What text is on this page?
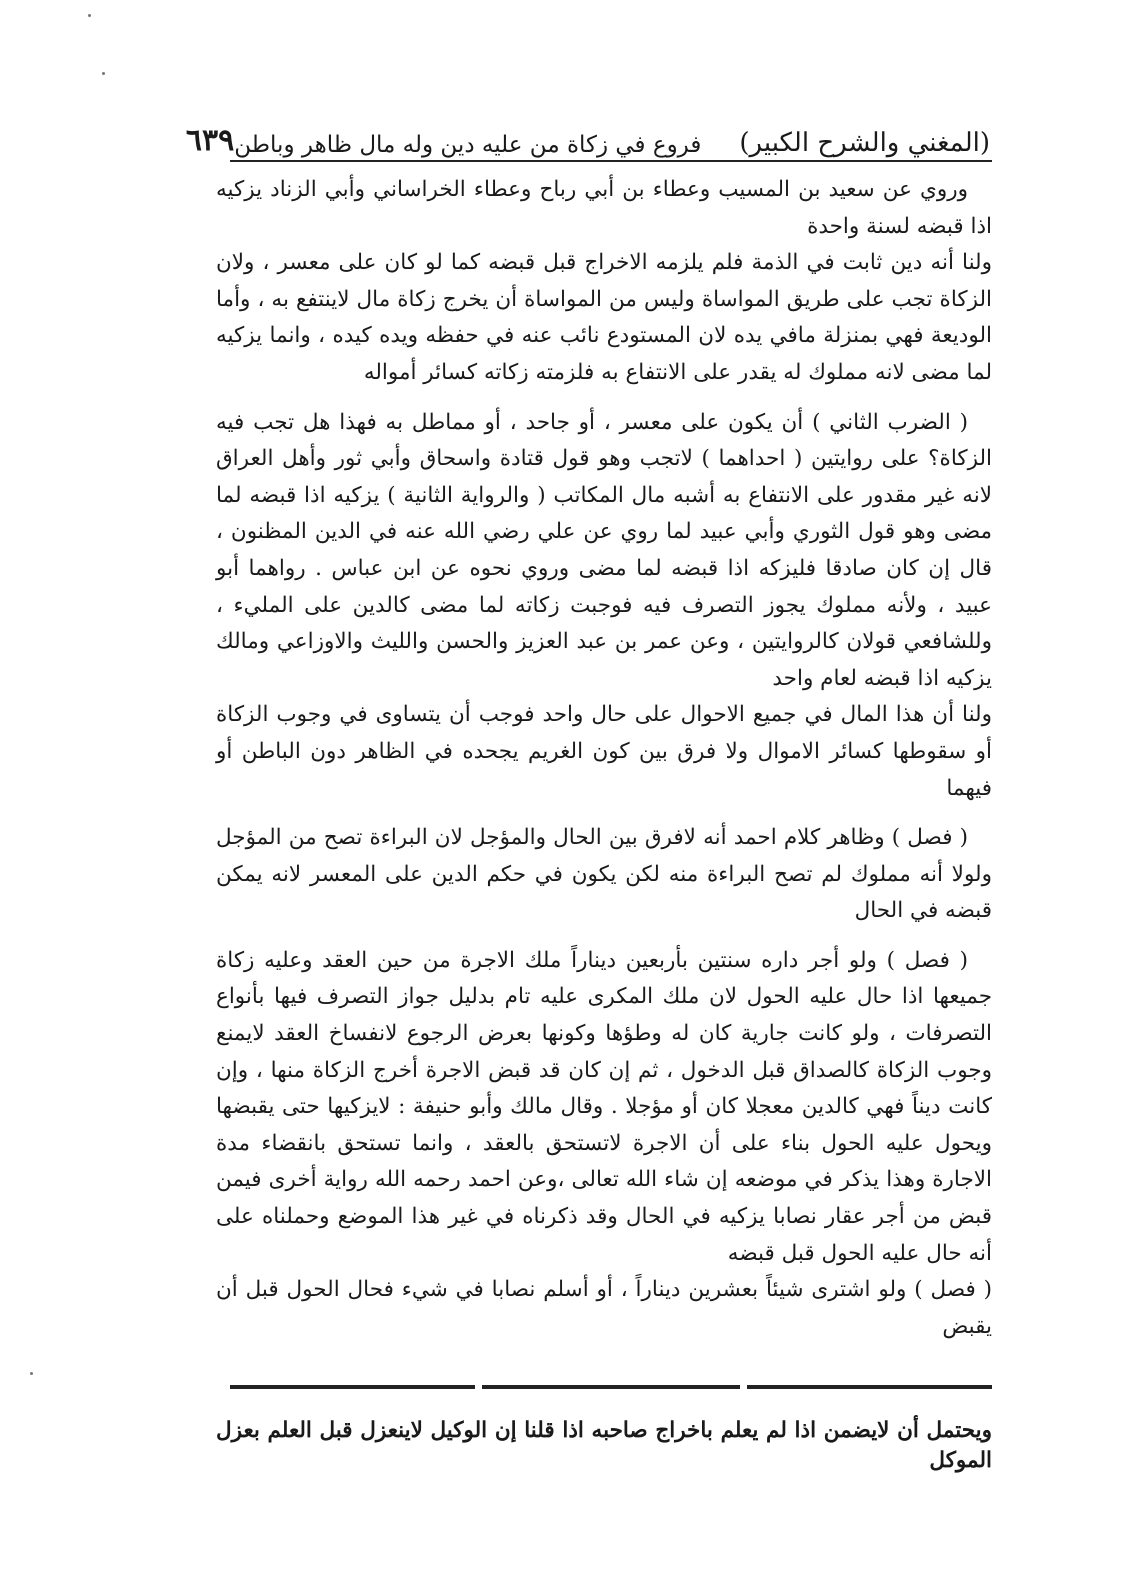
(المغني والشرح الكبير)
فروع في زكاة من عليه دين وله مال ظاهر وباطن
٦٣٩

وروي عن سعيد بن المسيب وعطاء بن أبي رباح وعطاء الخراساني وأبي الزناد يزكيه اذا قبضه لسنة واحدة

ولنا أنه دين ثابت في الذمة فلم يلزمه الاخراج قبل قبضه كما لو كان على معسر ، ولان الزكاة تجب على طريق المواساة وليس من المواساة أن يخرج زكاة مال لاينتفع به ، وأما الوديعة فهي بمنزلة مافي يده لان المستودع نائب عنه في حفظه ويده كيده ، وانما يزكيه لما مضى لانه مملوك له يقدر على الانتفاع به فلزمته زكاته كسائر أمواله

( الضرب الثاني ) أن يكون على معسر ، أو جاحد ، أو مماطل به فهذا هل تجب فيه الزكاة؟ على روايتين ( احداهما ) لاتجب وهو قول قتادة واسحاق وأبي ثور وأهل العراق لانه غير مقدور على الانتفاع به أشبه مال المكاتب ( والرواية الثانية ) يزكيه اذا قبضه لما مضى وهو قول الثوري وأبي عبيد لما روي عن علي رضي الله عنه في الدين المظنون ، قال إن كان صادقا فليزكه اذا قبضه لما مضى وروي نحوه عن ابن عباس . رواهما أبو عبيد ، ولأنه مملوك يجوز التصرف فيه فوجبت زكاته لما مضى كالدين على المليء ، وللشافعي قولان كالروايتين ، وعن عمر بن عبد العزيز والحسن والليث والاوزاعي ومالك يزكيه اذا قبضه لعام واحد

ولنا أن هذا المال في جميع الاحوال على حال واحد فوجب أن يتساوى في وجوب الزكاة أو سقوطها كسائر الاموال ولا فرق بين كون الغريم يجحده في الظاهر دون الباطن أو فيهما

( فصل ) وظاهر كلام احمد أنه لافرق بين الحال والمؤجل لان البراءة تصح من المؤجل ولولا أنه مملوك لم تصح البراءة منه لكن يكون في حكم الدين على المعسر لانه يمكن قبضه في الحال

( فصل ) ولو أجر داره سنتين بأربعين ديناراً ملك الاجرة من حين العقد وعليه زكاة جميعها اذا حال عليه الحول لان ملك المكرى عليه تام بدليل جواز التصرف فيها بأنواع التصرفات ، ولو كانت جارية كان له وطؤها وكونها بعرض الرجوع لانفساخ العقد لايمنع وجوب الزكاة كالصداق قبل الدخول ، ثم إن كان قد قبض الاجرة أخرج الزكاة منها ، وإن كانت ديناً فهي كالدين معجلا كان أو مؤجلا . وقال مالك وأبو حنيفة : لايزكيها حتى يقبضها ويحول عليه الحول بناء على أن الاجرة لاتستحق بالعقد ، وانما تستحق بانقضاء مدة الاجارة وهذا يذكر في موضعه إن شاء الله تعالى ،وعن احمد رحمه الله رواية أخرى فيمن قبض من أجر عقار نصابا يزكيه في الحال وقد ذكرناه في غير هذا الموضع وحملناه على أنه حال عليه الحول قبل قبضه

( فصل ) ولو اشترى شيئاً بعشرين ديناراً ، أو أسلم نصابا في شيء فحال الحول قبل أن يقبض

ويحتمل أن لايضمن اذا لم يعلم باخراج صاحبه اذا قلنا إن الوكيل لاينعزل قبل العلم بعزل الموكل
